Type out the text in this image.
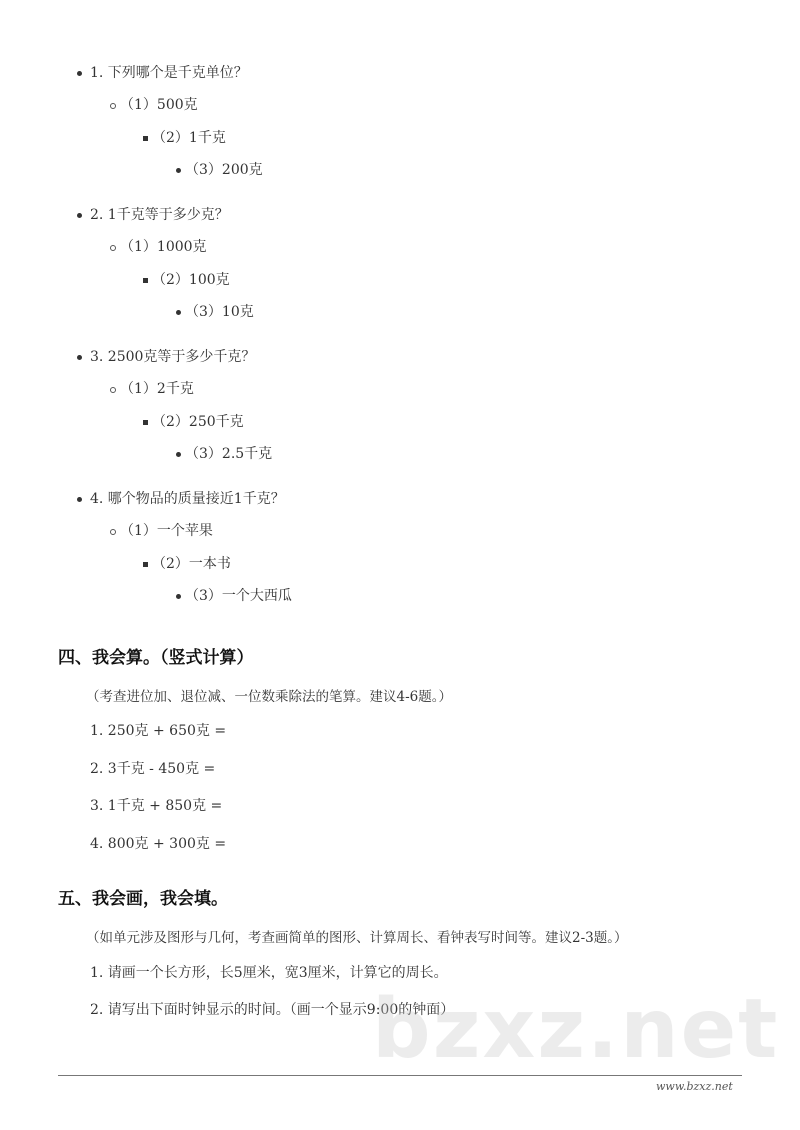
1. 下列哪个是千克单位？
（1）500克
（2）1千克
（3）200克
2. 1千克等于多少克？
（1）1000克
（2）100克
（3）10克
3. 2500克等于多少千克？
（1）2千克
（2）250千克
（3）2.5千克
4. 哪个物品的质量接近1千克？
（1）一个苹果
（2）一本书
（3）一个大西瓜
四、我会算。（竖式计算）
（考查进位加、退位减、一位数乘除法的笔算。建议4-6题。）
1. 250克 + 650克 =
2. 3千克 - 450克 =
3. 1千克 + 850克 =
4. 800克 + 300克 =
五、我会画，我会填。
（如单元涉及图形与几何，考查画简单的图形、计算周长、看钟表写时间等。建议2-3题。）
1. 请画一个长方形，长5厘米，宽3厘米，计算它的周长。
2. 请写出下面时钟显示的时间。（画一个显示9:00的钟面）
bzxz.net
www.bzxz.net
